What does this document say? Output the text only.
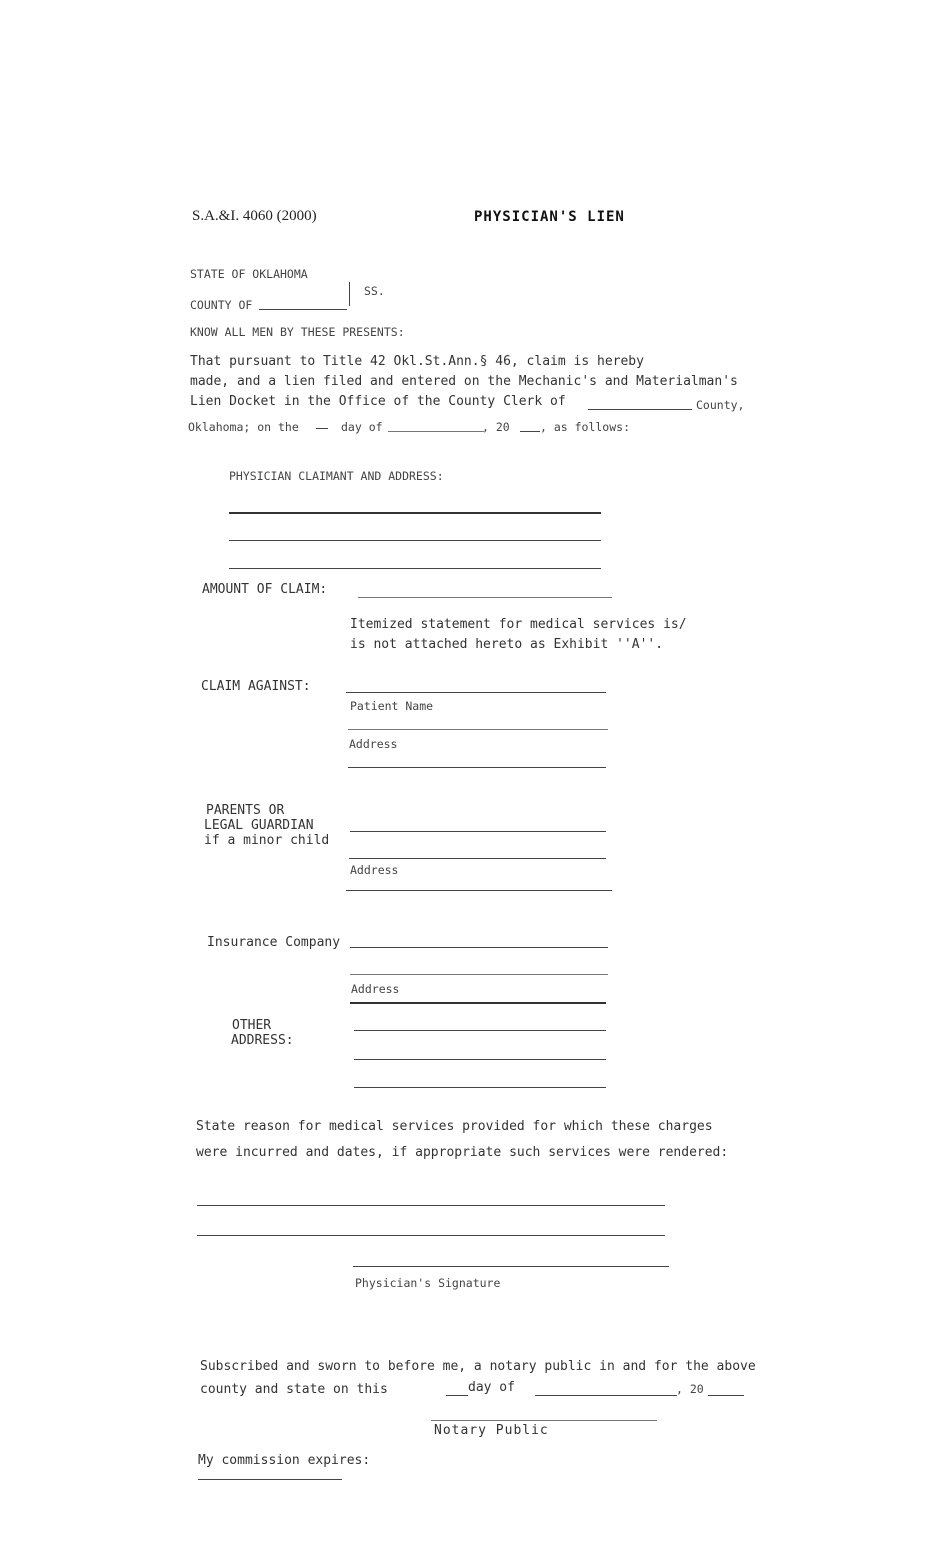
S.A.&I. 4060 (2000)	PHYSICIAN'S LIEN
STATE OF OKLAHOMA
COUNTY OF
SS.
KNOW ALL MEN BY THESE PRESENTS:
That pursuant to Title 42 Okl.St.Ann.§ 46, claim is hereby
made, and a lien filed and entered on the Mechanic's and Materialman's
Lien Docket in the Office of the County Clerk of	County,
Oklahoma; on the	day of	, 20	, as follows:
PHYSICIAN CLAIMANT AND ADDRESS:
AMOUNT OF CLAIM:
Itemized statement for medical services is/
is not attached hereto as Exhibit ''A''.
CLAIM AGAINST:
Patient Name
Address
PARENTS OR
LEGAL GUARDIAN
if a minor child
Address
Insurance Company
Address
OTHER
ADDRESS:
State reason for medical services provided for which these charges
were incurred and dates, if appropriate such services were rendered:
Physician's Signature
Subscribed and sworn to before me, a notary public in and for the above
county and state on this	day of	, 20
Notary Public
My commission expires:
